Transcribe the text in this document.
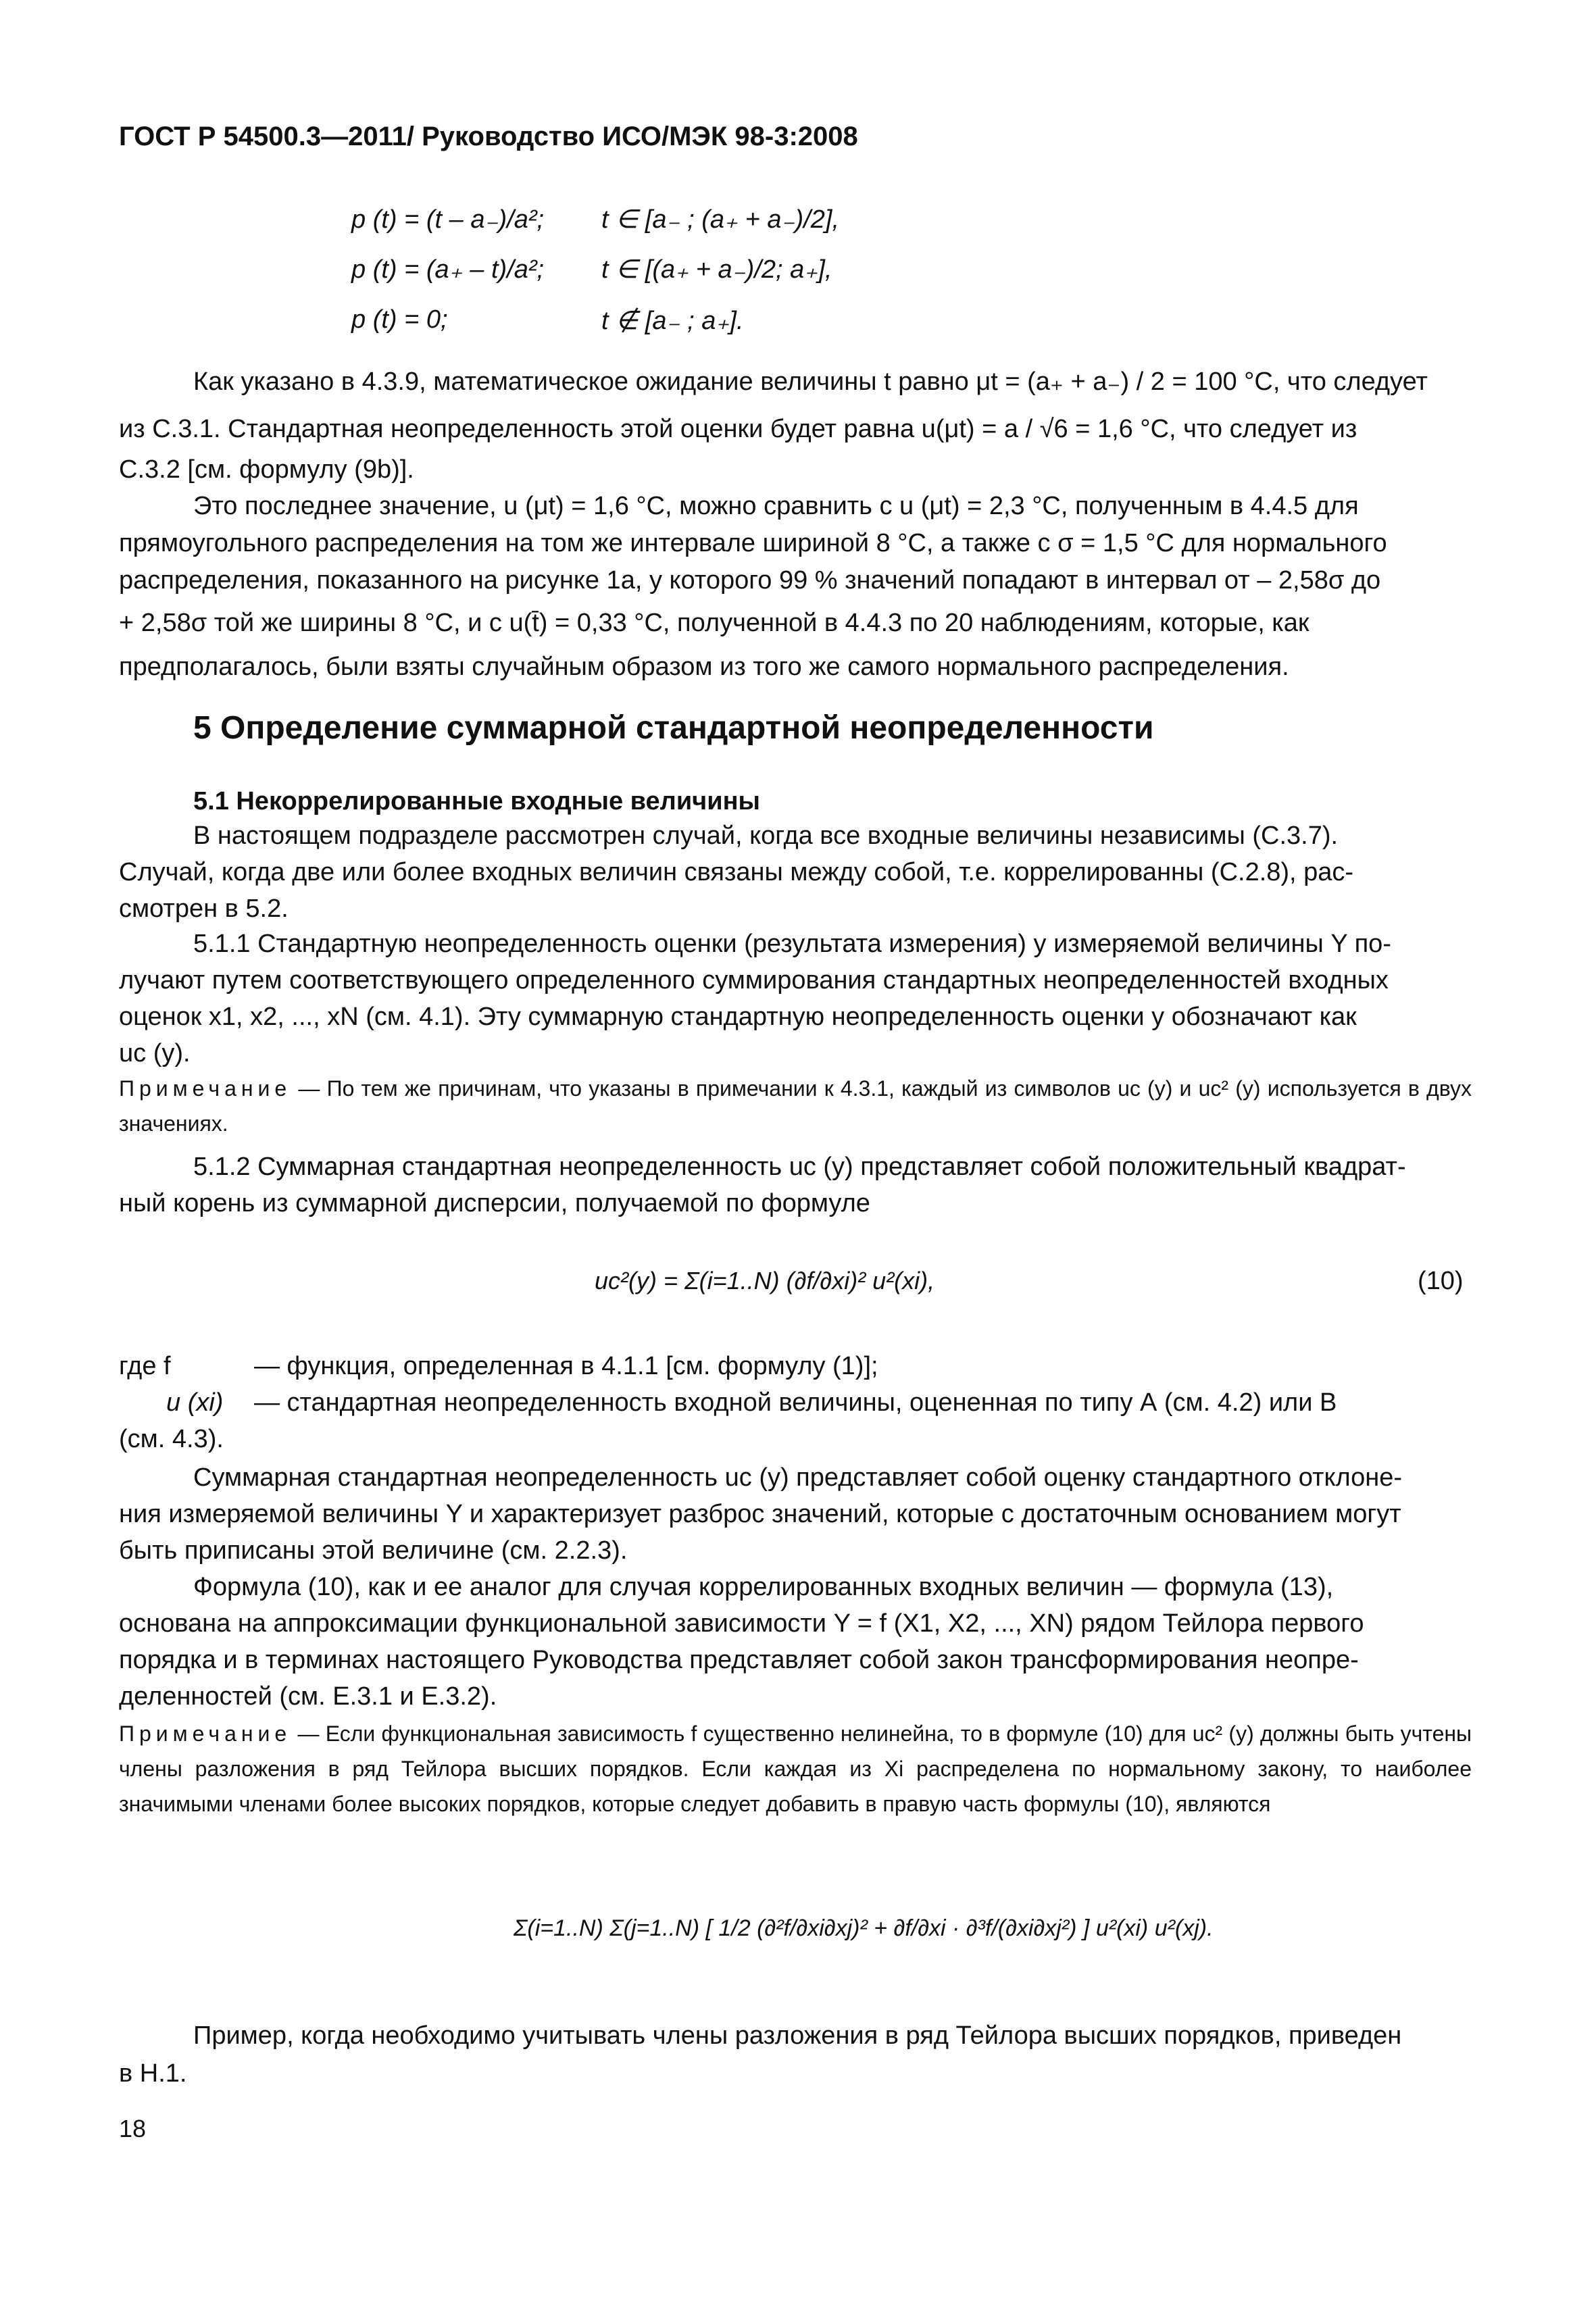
ГОСТ Р 54500.3—2011/ Руководство ИСО/МЭК 98-3:2008
p (t) = (t – a₋)/a²; t ∈ [a₋ ; (a₊ + a₋)/2],
p (t) = (a₊ – t)/a²; t ∈ [(a₊ + a₋)/2; a₊],
p (t) = 0;	t ∉ [a₋ ; a₊].
Как указано в 4.3.9, математическое ожидание величины t равно μt = (a₊ + a₋) / 2 = 100 °C, что следует
из С.3.1. Стандартная неопределенность этой оценки будет равна u(μt) = a / √6 = 1,6 °C, что следует из
С.3.2 [см. формулу (9b)].
Это последнее значение, u (μt) = 1,6 °C, можно сравнить с u (μt) = 2,3 °C, полученным в 4.4.5 для
прямоугольного распределения на том же интервале шириной 8 °C, а также с σ = 1,5 °C для нормального
распределения, показанного на рисунке 1а, у которого 99 % значений попадают в интервал от – 2,58σ до
+ 2,58σ той же ширины 8 °C, и с u(t̄) = 0,33 °C, полученной в 4.4.3 по 20 наблюдениям, которые, как
предполагалось, были взяты случайным образом из того же самого нормального распределения.
5 Определение суммарной стандартной неопределенности
5.1 Некоррелированные входные величины
В настоящем подразделе рассмотрен случай, когда все входные величины независимы (С.3.7).
Случай, когда две или более входных величин связаны между собой, т.е. коррелированны (С.2.8), рас-
смотрен в 5.2.
5.1.1 Стандартную неопределенность оценки (результата измерения) y измеряемой величины Y по-
лучают путем соответствующего определенного суммирования стандартных неопределенностей входных
оценок x1, x2, ..., xN (см. 4.1). Эту суммарную стандартную неопределенность оценки y обозначают как
uc (y).
Примечание — По тем же причинам, что указаны в примечании к 4.3.1, каждый из символов uc (y) и uc² (y) используется в двух значениях.
5.1.2 Суммарная стандартная неопределенность uc (y) представляет собой положительный квадрат-
ный корень из суммарной дисперсии, получаемой по формуле
uc²(y) = Σ(i=1..N) (∂f/∂xi)² u²(xi),	(10)
где f	— функция, определенная в 4.1.1 [см. формулу (1)];
u (xi) — стандартная неопределенность входной величины, оцененная по типу А (см. 4.2) или В
(см. 4.3).
Суммарная стандартная неопределенность uc (y) представляет собой оценку стандартного отклоне-
ния измеряемой величины Y и характеризует разброс значений, которые с достаточным основанием могут
быть приписаны этой величине (см. 2.2.3).
Формула (10), как и ее аналог для случая коррелированных входных величин — формула (13),
основана на аппроксимации функциональной зависимости Y = f (X1, X2, ..., XN) рядом Тейлора первого
порядка и в терминах настоящего Руководства представляет собой закон трансформирования неопре-
деленностей (см. Е.3.1 и Е.3.2).
Примечание — Если функциональная зависимость f существенно нелинейна, то в формуле (10) для uc² (y) должны быть учтены члены разложения в ряд Тейлора высших порядков. Если каждая из Xi распределена по нормальному закону, то наиболее значимыми членами более высоких порядков, которые следует добавить в правую часть формулы (10), являются
Σ(i=1..N) Σ(j=1..N) [ 1/2 (∂²f/∂xi∂xj)² + ∂f/∂xi · ∂³f/(∂xi∂xj²) ] u²(xi) u²(xj).
Пример, когда необходимо учитывать члены разложения в ряд Тейлора высших порядков, приведен
в Н.1.
18
